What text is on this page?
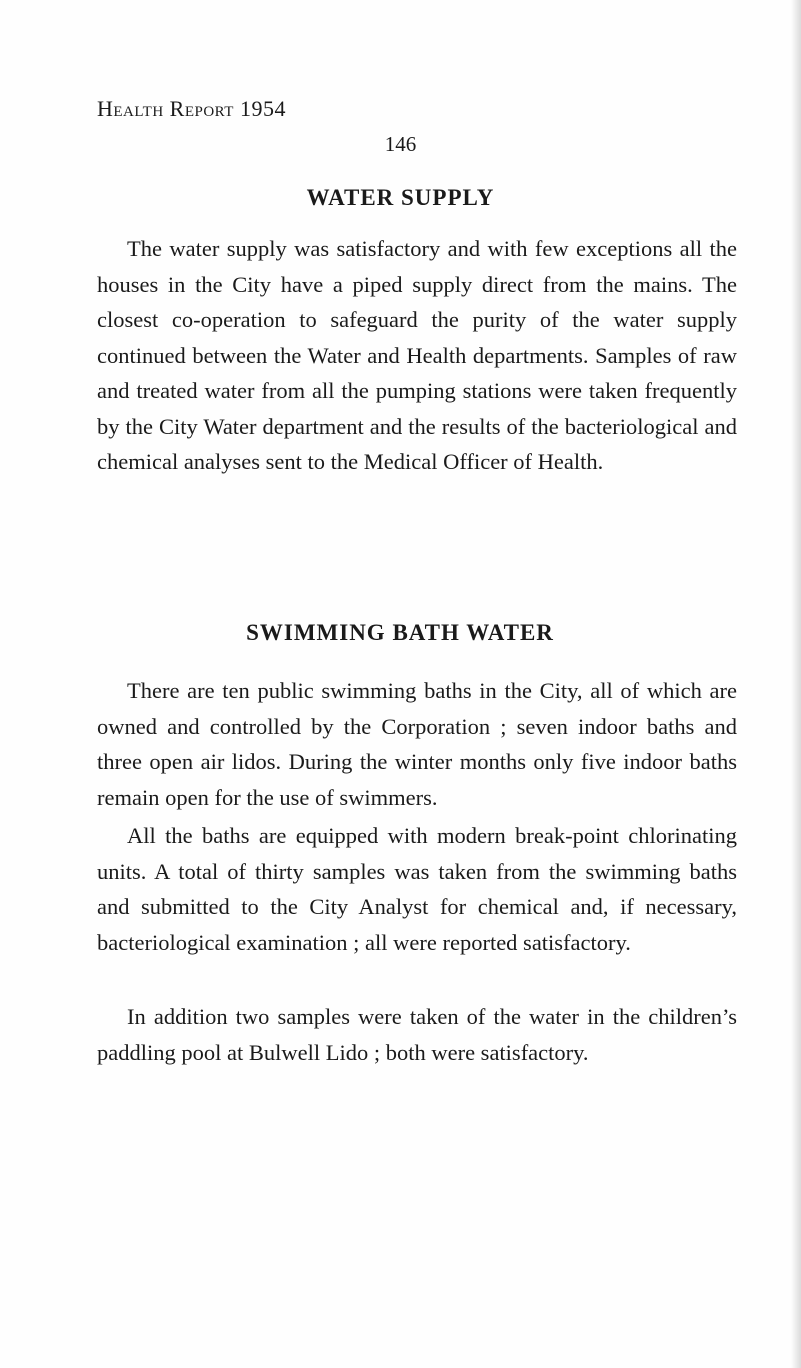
Health Report 1954
146
WATER SUPPLY

The water supply was satisfactory and with few exceptions all the houses in the City have a piped supply direct from the mains. The closest co-operation to safeguard the purity of the water supply continued between the Water and Health departments. Samples of raw and treated water from all the pumping stations were taken frequently by the City Water department and the results of the bacteriological and chemical analyses sent to the Medical Officer of Health.

SWIMMING BATH WATER

There are ten public swimming baths in the City, all of which are owned and controlled by the Corporation ; seven indoor baths and three open air lidos. During the winter months only five indoor baths remain open for the use of swimmers.

All the baths are equipped with modern break-point chlorinating units. A total of thirty samples was taken from the swimming baths and submitted to the City Analyst for chemical and, if necessary, bacteriological examination ; all were reported satisfactory.

In addition two samples were taken of the water in the children’s paddling pool at Bulwell Lido ; both were satisfactory.
